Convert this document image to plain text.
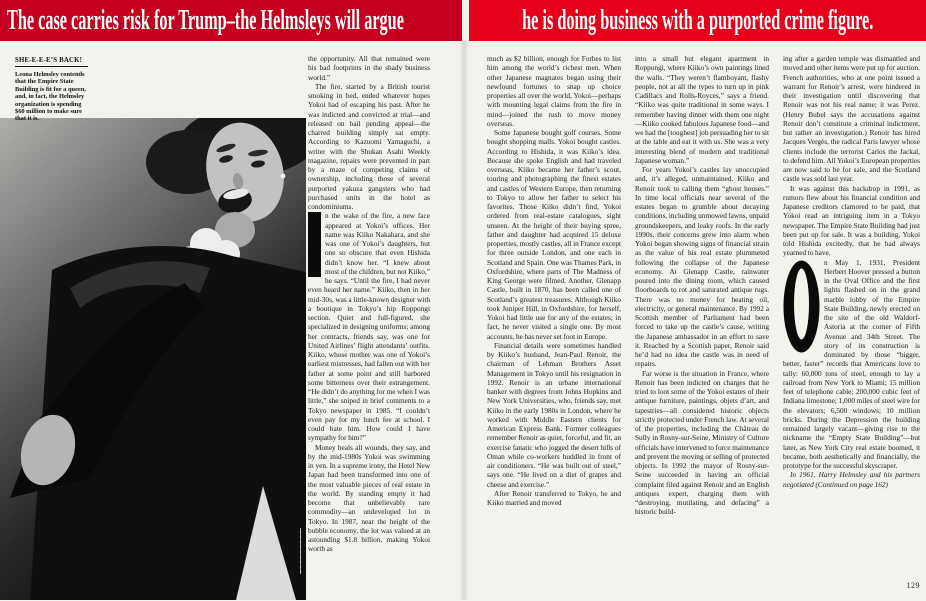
The case carries risk for Trump–the Helmsleys will argue	he is doing business with a purported crime figure.
SHE-E-E-E’S BACK!
Leona Helmsley contends that the Empire State Building is fit for a queen, and, in fact, the Helmsley organization is spending $60 million to make sure that it is.

the opportunity. All that remained were his bad footprints in the shady business world.”

The fire, started by a British tourist smoking in bed, ended whatever hopes Yokoi had of escaping his past. After he was indicted and convicted at trial—and released on bail pending appeal—the charred building simply sat empty. According to Kazuomi Yamaguchi, a writer with the Shukan Asahi Weekly magazine, repairs were prevented in part by a maze of competing claims of ownership, including those of several purported yakuza gangsters who had purchased units in the hotel as condominiums.

n the wake of the fire, a new face appeared at Yokoi’s offices. Her name was Kiiko Nakahara, and she was one of Yokoi’s daughters, but one so obscure that even Hishida didn’t know her. “I knew about most of the children, but not Kiiko,” he says. “Until the fire, I had never even heard her name.” Kiiko, then in her mid-30s, was a little-known designer with a boutique in Tokyo’s hip Roppongi section. Quiet and full-figured, she specialized in designing uniforms; among her contracts, friends say, was one for United Airlines’ flight attendants’ outfits. Kiiko, whose mother was one of Yokoi’s earliest mistresses, had fallen out with her father at some point and still harbored some bitterness over their estrangement. “He didn’t do anything for me when I was little,” she sniped in brief comments to a Tokyo newspaper in 1985. “I couldn’t even pay for my lunch fee at school. I could hate him. How could I have sympathy for him?”

Money heals all wounds, they say, and by the mid-1980s Yokoi was swimming in yen. In a supreme irony, the Hotel New Japan had been transformed into one of the most valuable pieces of real estate in the world. By standing empty it had become that unbelievably rare commodity—an undeveloped lot in Tokyo. In 1987, near the height of the bubble economy, the lot was valued at an astounding $1.8 billion, making Yokoi worth as

much as $2 billion, enough for Forbes to list him among the world’s richest men. When other Japanese magnates began using their newfound fortunes to snap up choice properties all over the world, Yokoi—perhaps with mounting legal claims from the fire in mind—joined the rush to move money overseas.

Some Japanese bought golf courses. Some bought shopping malls. Yokoi bought castles. According to Hishida, it was Kiiko’s idea. Because she spoke English and had traveled overseas, Kiiko became her father’s scout, touring and photographing the finest estates and castles of Western Europe, then returning to Tokyo to allow her father to select his favorites. Those Kiiko didn’t find, Yokoi ordered from real-estate catalogues, sight unseen. At the height of their buying spree, father and daughter had acquired 15 deluxe properties, mostly castles, all in France except for three outside London, and one each in Scotland and Spain. One was Thames Park, in Oxfordshire, where parts of The Madness of King George were filmed. Another, Glenapp Castle, built in 1870, has been called one of Scotland’s greatest treasures. Although Kiiko took Juniper Hill, in Oxfordshire, for herself, Yokoi had little use for any of the estates; in fact, he never visited a single one. By most accounts, he has never set foot in Europe.

Financial details were sometimes handled by Kiiko’s husband, Jean-Paul Renoir, the chairman of Lehman Brothers Asset Management in Tokyo until his resignation in 1992. Renoir is an urbane international banker with degrees from Johns Hopkins and New York Universities, who, friends say, met Kiiko in the early 1980s in London, where he worked with Middle Eastern clients for American Express Bank. Former colleagues remember Renoir as quiet, forceful, and fit, an exercise fanatic who jogged the desert hills of Oman while co-workers huddled in front of air conditioners. “He was built out of steel,” says one. “He lived on a diet of grapes and cheese and exercise.”

After Renoir transferred to Tokyo, he and Kiiko married and moved

into a small but elegant apartment in Roppongi, where Kiiko’s own paintings lined the walls. “They weren’t flamboyant, flashy people, not at all the types to turn up in pink Cadillacs and Rolls-Royces,” says a friend. “Kiiko was quite traditional in some ways. I remember having dinner with them one night—Kiiko cooked fabulous Japanese food—and we had the [toughest] job persuading her to sit at the table and eat it with us. She was a very interesting blend of modern and traditional Japanese woman.”

For years Yokoi’s castles lay unoccupied and, it’s alleged, unmaintained. Kiiko and Renoir took to calling them “ghost houses.” In time local officials near several of the estates began to grumble about decaying conditions, including unmowed lawns, unpaid groundskeepers, and leaky roofs. In the early 1990s, their concerns grew into alarm when Yokoi began showing signs of financial strain as the value of his real estate plummeted following the collapse of the Japanese economy. At Glenapp Castle, rainwater poured into the dining room, which caused floorboards to rot and saturated antique rugs. There was no money for heating oil, electricity, or general maintenance. By 1992 a Scottish member of Parliament had been forced to take up the castle’s cause, writing the Japanese ambassador in an effort to save it. Reached by a Scottish paper, Renoir said he’d had no idea the castle was in need of repairs.

Far worse is the situation in France, where Renoir has been indicted on charges that he tried to loot some of the Yokoi estates of their antique furniture, paintings, objets d’art, and tapestries—all considered historic objects strictly protected under French law. At several of the properties, including the Château de Sully in Rosny-sur-Seine, Ministry of Culture officials have intervened to force maintenance and prevent the moving or selling of protected objects. In 1992 the mayor of Rosny-sur-Seine succeeded in having an official complaint filed against Renoir and an English antiques expert, charging them with “destroying, mutilating, and defacing” a historic build-

ing after a garden temple was dismantled and moved and other items were put up for auction. French authorities, who at one point issued a warrant for Renoir’s arrest, were hindered in their investigation until discovering that Renoir was not his real name; it was Perez. (Henry Bubel says the accusations against Renoir don’t constitute a criminal indictment, but rather an investigation.) Renoir has hired Jacques Vergès, the radical Paris lawyer whose clients include the terrorist Carlos the Jackal, to defend him. All Yokoi’s European properties are now said to be for sale, and the Scotland castle was sold last year.

It was against this backdrop in 1991, as rumors flew about his financial condition and Japanese creditors clamored to be paid, that Yokoi read an intriguing item in a Tokyo newspaper. The Empire State Building had just been put up for sale. It was a building, Yokoi told Hishida excitedly, that he had always yearned to have.

n May 1, 1931, President Herbert Hoover pressed a button in the Oval Office and the first lights flashed on in the grand marble lobby of the Empire State Building, newly erected on the site of the old Waldorf-Astoria at the corner of Fifth Avenue and 34th Street. The story of its construction is dominated by those “bigger, better, faster” records that Americans love to tally: 60,000 tons of steel, enough to lay a railroad from New York to Miami; 15 million feet of telephone cable; 200,000 cubic feet of Indiana limestone; 1,000 miles of steel wire for the elevators; 6,500 windows; 10 million bricks. During the Depression the building remained largely vacant—giving rise to the nickname the “Empty State Building”—but later, as New York City real estate boomed, it became, both aesthetically and financially, the prototype for the successful skyscraper.

In 1961, Harry Helmsley and his partners negotiated (Continued on page 162)

129
